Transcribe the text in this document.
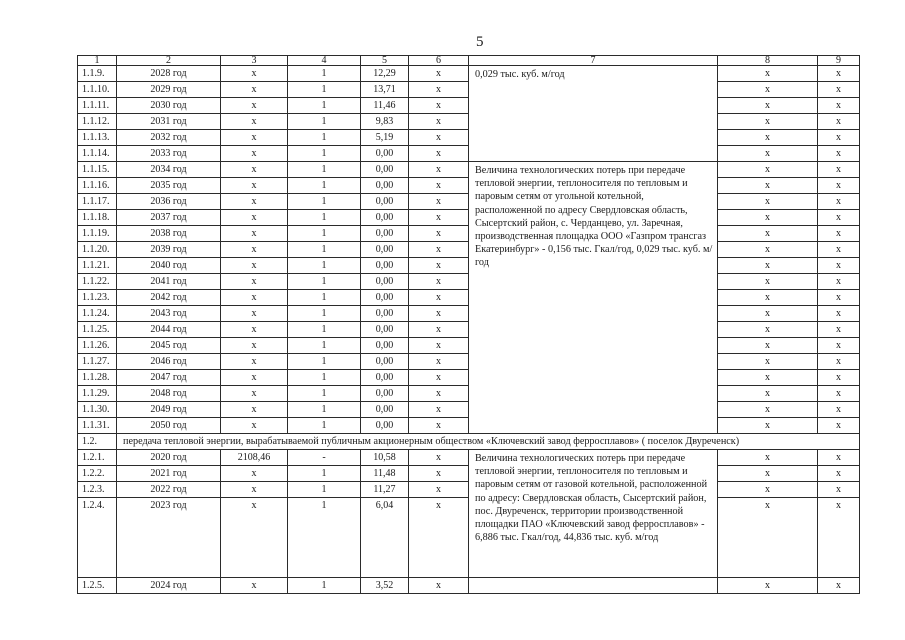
5
1	2	3	4	5	6	7	8	9
1.1.9.	2028 год	x	1	12,29	x	0,029 тыс. куб. м/год	x	x
1.1.10.	2029 год	x	1	13,71	x		x	x
1.1.11.	2030 год	x	1	11,46	x		x	x
1.1.12.	2031 год	x	1	9,83	x		x	x
1.1.13.	2032 год	x	1	5,19	x		x	x
1.1.14.	2033 год	x	1	0,00	x		x	x
1.1.15.	2034 год	x	1	0,00	x	Величина технологических потерь при передаче тепловой энергии, теплоносителя по тепловым и паровым сетям от угольной котельной, расположенной по адресу Свердловская область, Сысертский район, с. Черданцево, ул. Заречная, производственная площадка ООО «Газпром трансгаз Екатеринбург» - 0,156 тыс. Гкал/год, 0,029 тыс. куб. м/год	x	x
1.1.16.	2035 год	x	1	0,00	x		x	x
1.1.17.	2036 год	x	1	0,00	x		x	x
1.1.18.	2037 год	x	1	0,00	x		x	x
1.1.19.	2038 год	x	1	0,00	x		x	x
1.1.20.	2039 год	x	1	0,00	x		x	x
1.1.21.	2040 год	x	1	0,00	x		x	x
1.1.22.	2041 год	x	1	0,00	x		x	x
1.1.23.	2042 год	x	1	0,00	x		x	x
1.1.24.	2043 год	x	1	0,00	x		x	x
1.1.25.	2044 год	x	1	0,00	x		x	x
1.1.26.	2045 год	x	1	0,00	x		x	x
1.1.27.	2046 год	x	1	0,00	x		x	x
1.1.28.	2047 год	x	1	0,00	x		x	x
1.1.29.	2048 год	x	1	0,00	x		x	x
1.1.30.	2049 год	x	1	0,00	x		x	x
1.1.31.	2050 год	x	1	0,00	x		x	x
1.2.	передача тепловой энергии, вырабатываемой публичным акционерным обществом «Ключевский завод ферросплавов» ( поселок Двуреченск)							
1.2.1.	2020 год	2108,46	-	10,58	x	Величина технологических потерь при передаче тепловой энергии, теплоносителя по тепловым и паровым сетям от газовой котельной, расположенной по адресу: Свердловская область, Сысертский район, пос. Двуреченск, территории производственной площадки ПАО «Ключевский завод ферросплавов» - 6,886 тыс. Гкал/год, 44,836 тыс. куб. м/год	x	x
1.2.2.	2021 год	x	1	11,48	x		x	x
1.2.3.	2022 год	x	1	11,27	x		x	x
1.2.4.	2023 год	x	1	6,04	x		x	x
1.2.5.	2024 год	x	1	3,52	x		x	x
